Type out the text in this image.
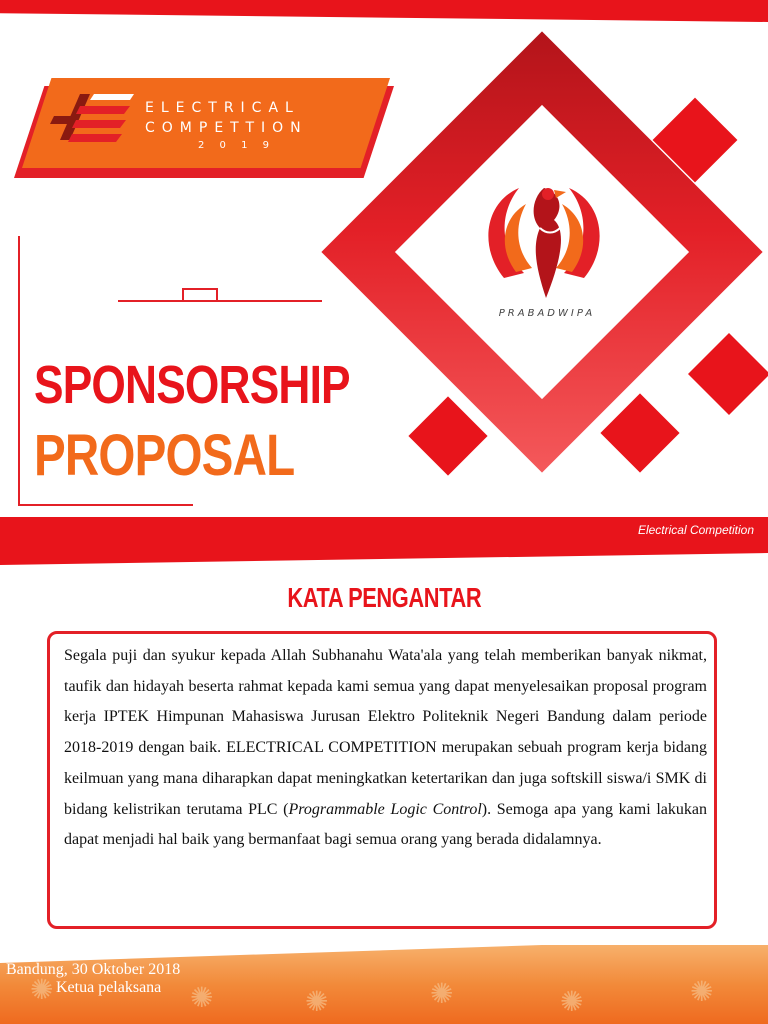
ELECTRICAL
COMPETTION
2 0 1 9
SPONSORSHIP
PROPOSAL
PRABADWIPA
Electrical Competition
KATA PENGANTAR

Segala puji dan syukur kepada Allah Subhanahu Wata'ala yang telah memberikan banyak nikmat, taufik dan hidayah beserta rahmat kepada kami semua yang dapat menyelesaikan proposal program kerja IPTEK Himpunan Mahasiswa Jurusan Elektro Politeknik Negeri Bandung dalam periode 2018-2019 dengan baik. ELECTRICAL COMPETITION merupakan sebuah program kerja bidang keilmuan yang mana diharapkan dapat meningkatkan ketertarikan dan juga softskill siswa/i SMK di bidang kelistrikan terutama PLC (Programmable Logic Control). Semoga apa yang kami lakukan dapat menjadi hal baik yang bermanfaat bagi semua orang yang berada didalamnya.

✺	✺	✺	✺	✺	✺
Bandung, 30 Oktober 2018
Ketua pelaksana
